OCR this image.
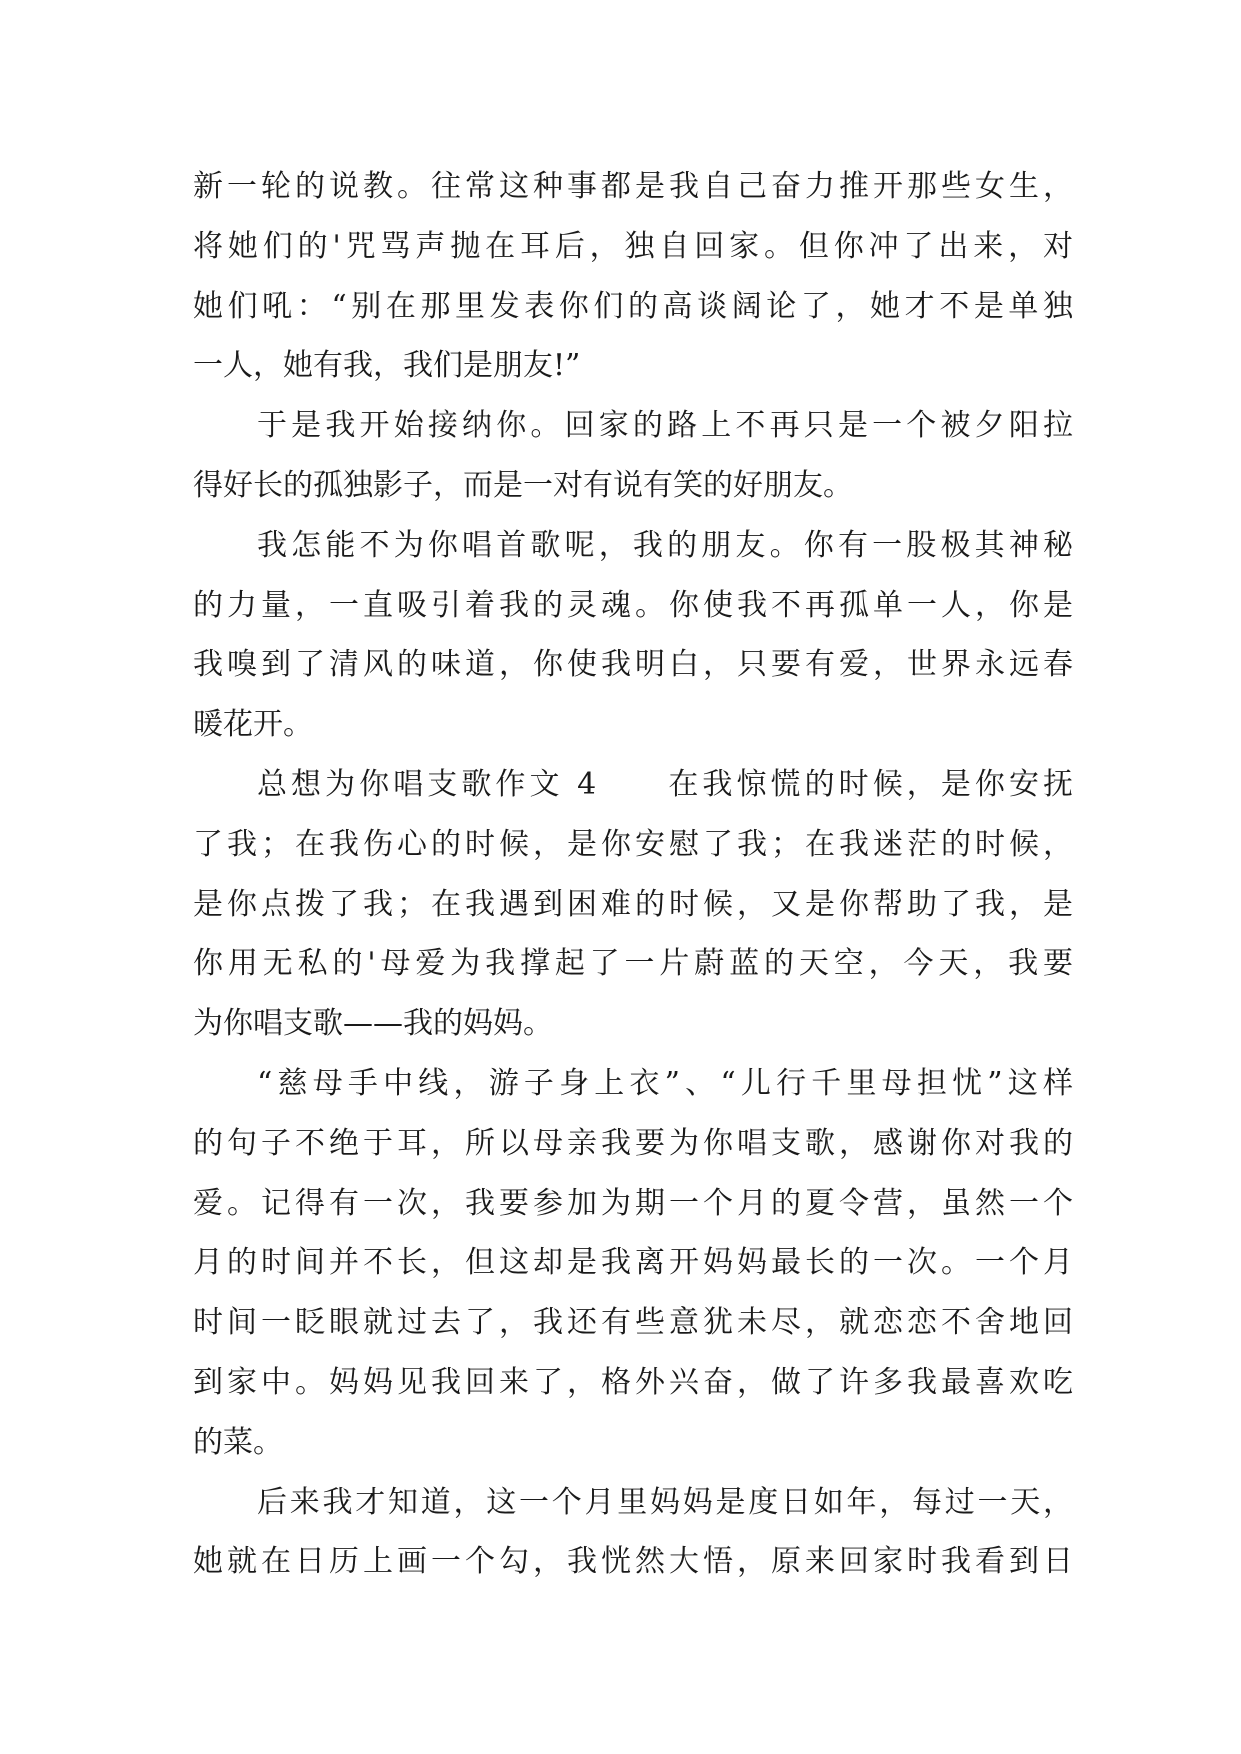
新一轮的说教。往常这种事都是我自己奋力推开那些女生，
将她们的'咒骂声抛在耳后，独自回家。但你冲了出来，对
她们吼：“别在那里发表你们的高谈阔论了，她才不是单独
一人，她有我，我们是朋友!”
于是我开始接纳你。回家的路上不再只是一个被夕阳拉
得好长的孤独影子，而是一对有说有笑的好朋友。
我怎能不为你唱首歌呢，我的朋友。你有一股极其神秘
的力量，一直吸引着我的灵魂。你使我不再孤单一人，你是
我嗅到了清风的味道，你使我明白，只要有爱，世界永远春
暖花开。
总想为你唱支歌作文 4　　在我惊慌的时候，是你安抚
了我；在我伤心的时候，是你安慰了我；在我迷茫的时候，
是你点拨了我；在我遇到困难的时候，又是你帮助了我，是
你用无私的'母爱为我撑起了一片蔚蓝的天空，今天，我要
为你唱支歌——我的妈妈。
“慈母手中线，游子身上衣”、“儿行千里母担忧”这样
的句子不绝于耳，所以母亲我要为你唱支歌，感谢你对我的
爱。记得有一次，我要参加为期一个月的夏令营，虽然一个
月的时间并不长，但这却是我离开妈妈最长的一次。一个月
时间一眨眼就过去了，我还有些意犹未尽，就恋恋不舍地回
到家中。妈妈见我回来了，格外兴奋，做了许多我最喜欢吃
的菜。
后来我才知道，这一个月里妈妈是度日如年，每过一天，
她就在日历上画一个勾，我恍然大悟，原来回家时我看到日
